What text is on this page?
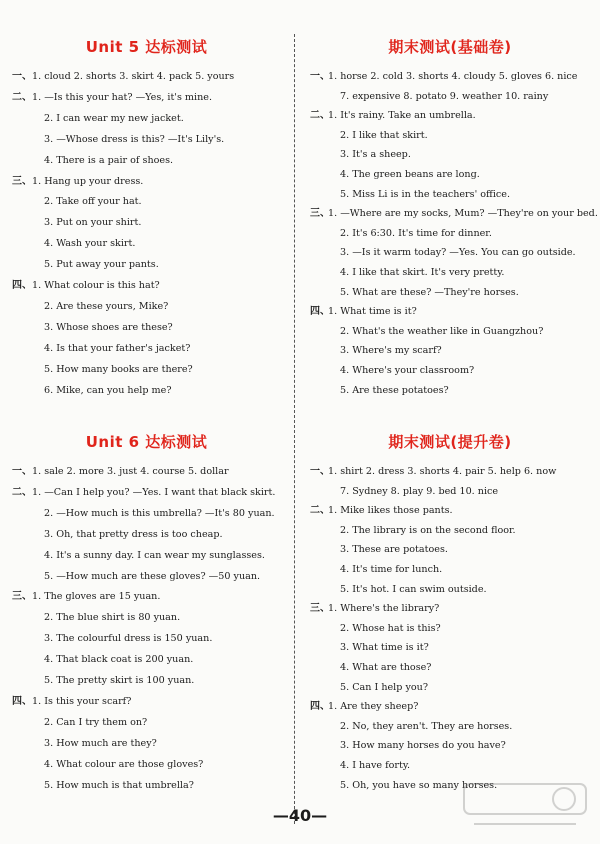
Unit 5 达标测试
一、 1. cloud 2. shorts 3. skirt 4. pack 5. yours
二、 1. —Is this your hat? —Yes, it's mine.
2. I can wear my new jacket.
3. —Whose dress is this? —It's Lily's.
4. There is a pair of shoes.
三、 1. Hang up your dress.
2. Take off your hat.
3. Put on your shirt.
4. Wash your skirt.
5. Put away your pants.
四、 1. What colour is this hat?
2. Are these yours, Mike?
3. Whose shoes are these?
4. Is that your father's jacket?
5. How many books are there?
6. Mike, can you help me?
Unit 6 达标测试
一、 1. sale 2. more 3. just 4. course 5. dollar
二、 1. —Can I help you? —Yes. I want that black skirt.
2. —How much is this umbrella? —It's 80 yuan.
3. Oh, that pretty dress is too cheap.
4. It's a sunny day. I can wear my sunglasses.
5. —How much are these gloves? —50 yuan.
三、 1. The gloves are 15 yuan.
2. The blue shirt is 80 yuan.
3. The colourful dress is 150 yuan.
4. That black coat is 200 yuan.
5. The pretty skirt is 100 yuan.
四、 1. Is this your scarf?
2. Can I try them on?
3. How much are they?
4. What colour are those gloves?
5. How much is that umbrella?
期末测试(基础卷)
一、
1. horse 2. cold 3. shorts 4. cloudy 5. gloves 6. nice
7. expensive 8. potato 9. weather 10. rainy
二、
1. It's rainy. Take an umbrella.
2. I like that skirt.
3. It's a sheep.
4. The green beans are long.
5. Miss Li is in the teachers' office.
三、
1. —Where are my socks, Mum? —They're on your bed.
2. It's 6:30. It's time for dinner.
3. —Is it warm today? —Yes. You can go outside.
4. I like that skirt. It's very pretty.
5. What are these? —They're horses.
四、
1. What time is it?
2. What's the weather like in Guangzhou?
3. Where's my scarf?
4. Where's your classroom?
5. Are these potatoes?
期末测试(提升卷)
一、
1. shirt 2. dress 3. shorts 4. pair 5. help 6. now
7. Sydney 8. play 9. bed 10. nice
二、
1. Mike likes those pants.
2. The library is on the second floor.
3. These are potatoes.
4. It's time for lunch.
5. It's hot. I can swim outside.
三、
1. Where's the library?
2. Whose hat is this?
3. What time is it?
4. What are those?
5. Can I help you?
四、
1. Are they sheep?
2. No, they aren't. They are horses.
3. How many horses do you have?
4. I have forty.
5. Oh, you have so many horses.
—40—
